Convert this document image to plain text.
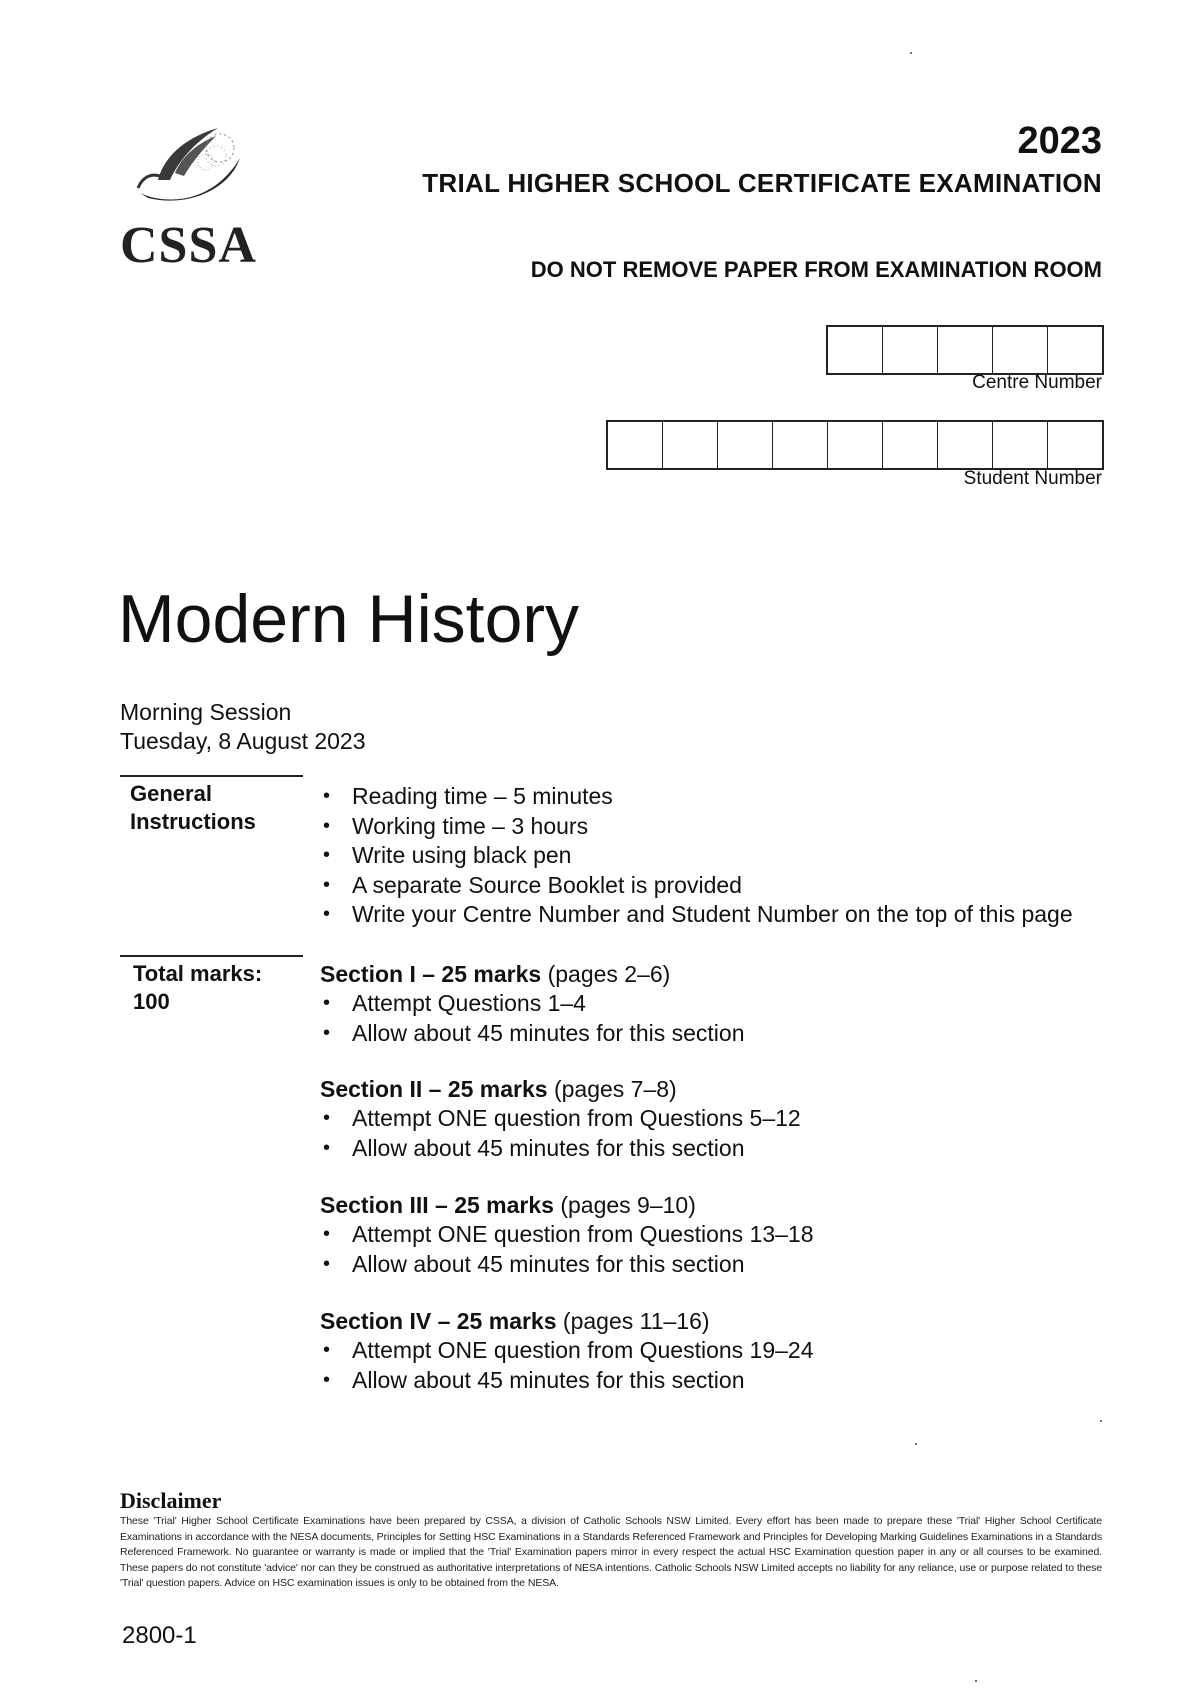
CSSA
2023
TRIAL HIGHER SCHOOL CERTIFICATE EXAMINATION
DO NOT REMOVE PAPER FROM EXAMINATION ROOM
Centre Number
Student Number
Modern History
Morning Session
Tuesday, 8 August 2023
General
Instructions
• Reading time – 5 minutes
• Working time – 3 hours
• Write using black pen
• A separate Source Booklet is provided
• Write your Centre Number and Student Number on the top of this page
Total marks:
100
Section I – 25 marks (pages 2–6)
• Attempt Questions 1–4
• Allow about 45 minutes for this section
Section II – 25 marks (pages 7–8)
• Attempt ONE question from Questions 5–12
• Allow about 45 minutes for this section
Section III – 25 marks (pages 9–10)
• Attempt ONE question from Questions 13–18
• Allow about 45 minutes for this section
Section IV – 25 marks (pages 11–16)
• Attempt ONE question from Questions 19–24
• Allow about 45 minutes for this section
Disclaimer
These 'Trial' Higher School Certificate Examinations have been prepared by CSSA, a division of Catholic Schools NSW Limited. Every effort has been made to prepare these 'Trial' Higher School Certificate Examinations in accordance with the NESA documents, Principles for Setting HSC Examinations in a Standards Referenced Framework and Principles for Developing Marking Guidelines Examinations in a Standards Referenced Framework. No guarantee or warranty is made or implied that the 'Trial' Examination papers mirror in every respect the actual HSC Examination question paper in any or all courses to be examined. These papers do not constitute 'advice' nor can they be construed as authoritative interpretations of NESA intentions. Catholic Schools NSW Limited accepts no liability for any reliance, use or purpose related to these 'Trial' question papers. Advice on HSC examination issues is only to be obtained from the NESA.
2800-1
